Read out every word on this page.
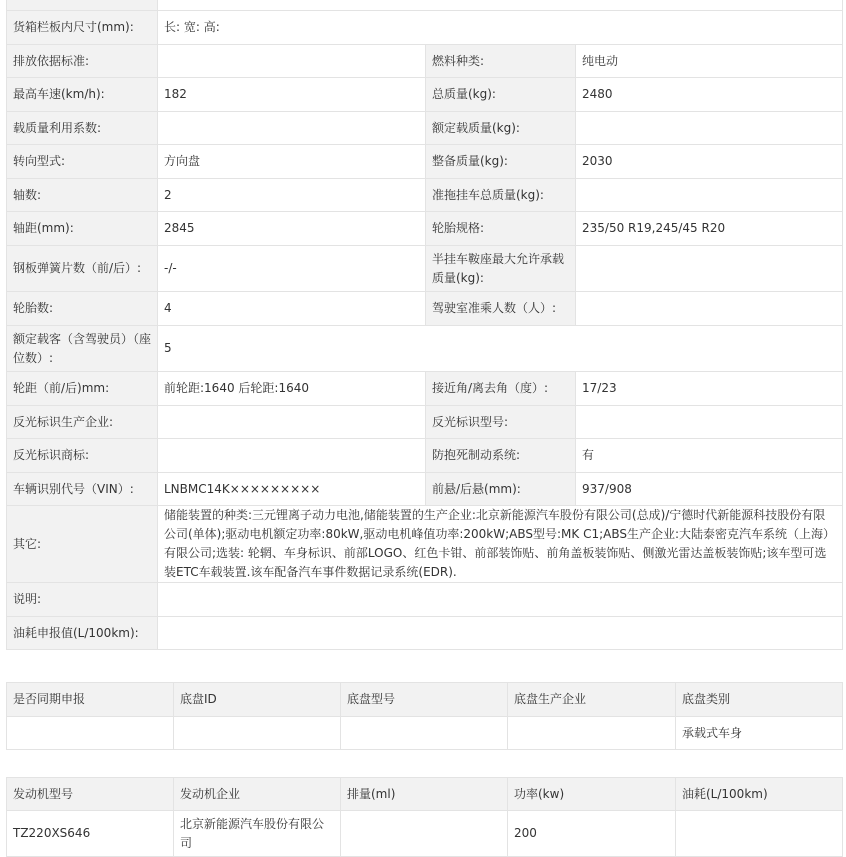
货箱栏板内尺寸(mm):	长: 宽: 高:		
排放依据标准:		燃料种类:	纯电动
最高车速(km/h):	182	总质量(kg):	2480
载质量利用系数:		额定载质量(kg):	
转向型式:	方向盘	整备质量(kg):	2030
轴数:	2	准拖挂车总质量(kg):	
轴距(mm):	2845	轮胎规格:	235/50 R19,245/45 R20
钢板弹簧片数（前/后）:	-/-	半挂车鞍座最大允许承载质量(kg):	
轮胎数:	4	驾驶室准乘人数（人）:	
额定载客（含驾驶员）（座位数）:	5		
轮距（前/后)mm:	前轮距:1640 后轮距:1640	接近角/离去角（度）:	17/23
反光标识生产企业:		反光标识型号:	
反光标识商标:		防抱死制动系统:	有
车辆识别代号（VIN）:	LNBMC14K×××××××××	前悬/后悬(mm):	937/908
其它:	储能装置的种类:三元锂离子动力电池,储能装置的生产企业:北京新能源汽车股份有限公司(总成)/宁德时代新能源科技股份有限公司(单体);驱动电机额定功率:80kW,驱动电机峰值功率:200kW;ABS型号:MK C1;ABS生产企业:大陆泰密克汽车系统（上海）有限公司;选装: 轮辋、车身标识、前部LOGO、红色卡钳、前部装饰贴、前角盖板装饰贴、侧激光雷达盖板装饰贴;该车型可选装ETC车载装置.该车配备汽车事件数据记录系统(EDR).		
说明:			
油耗申报值(L/100km):			
是否同期申报	底盘ID	底盘型号	底盘生产企业	底盘类别
				承载式车身
发动机型号	发动机企业	排量(ml)	功率(kw)	油耗(L/100km)
TZ220XS646	北京新能源汽车股份有限公司		200	
